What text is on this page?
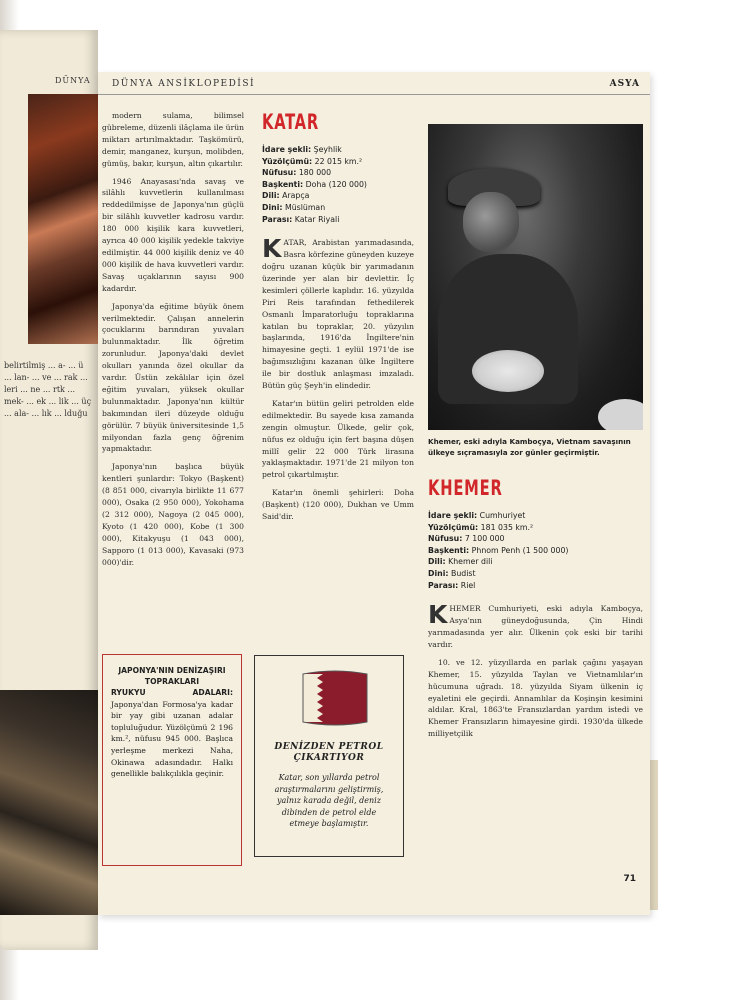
DÜNYA
belirtilmiş ... a- ... ü ... lan- ... ve ... rak ... leri ... ne ... rtk ... mek- ... ek ... lik ... üç ... ala- ... lık ... lduğu
DÜNYA ANSİKLOPEDİSİ	ASYA

modern sulama, bilimsel gübreleme, düzenli ilâçlama ile ürün miktarı artırılmaktadır. Taşkömürü, demir, manganez, kurşun, molibden, gümüş, bakır, kurşun, altın çıkartılır.

1946 Anayasası'nda savaş ve silâhlı kuvvetlerin kullanılması reddedilmişse de Japonya'nın güçlü bir silâhlı kuvvetler kadrosu vardır. 180 000 kişilik kara kuvvetleri, ayrıca 40 000 kişilik yedekle takviye edilmiştir. 44 000 kişilik deniz ve 40 000 kişilik de hava kuvvetleri vardır. Savaş uçaklarının sayısı 900 kadardır.

Japonya'da eğitime büyük önem verilmektedir. Çalışan annelerin çocuklarını barındıran yuvaları bulunmaktadır. İlk öğretim zorunludur. Japonya'daki devlet okulları yanında özel okullar da vardır. Üstün zekâlılar için özel eğitim yuvaları, yüksek okullar bulunmaktadır. Japonya'nın kültür bakımından ileri düzeyde olduğu görülür. 7 büyük üniversitesinde 1,5 milyondan fazla genç öğrenim yapmaktadır.

Japonya'nın başlıca büyük kentleri şunlardır: Tokyo (Başkent) (8 851 000, civarıyla birlikte 11 677 000), Osaka (2 950 000), Yokohama (2 312 000), Nagoya (2 045 000), Kyoto (1 420 000), Kobe (1 300 000), Kitakyuşu (1 043 000), Sapporo (1 013 000), Kavasaki (973 000)'dir.

KATAR
İdare şekli: Şeyhlik
Yüzölçümü: 22 015 km.²
Nüfusu: 180 000
Başkenti: Doha (120 000)
Dili: Arapça
Dini: Müslüman
Parası: Katar Riyali

KATAR, Arabistan yarımadasında, Basra körfezine güneyden kuzeye doğru uzanan küçük bir yarımadanın üzerinde yer alan bir devlettir. İç kesimleri çöllerle kaplıdır. 16. yüzyılda Piri Reis tarafından fethedilerek Osmanlı İmparatorluğu topraklarına katılan bu topraklar, 20. yüzyılın başlarında, 1916'da İngiltere'nin himayesine geçti. 1 eylül 1971'de ise bağımsızlığını kazanan ülke İngiltere ile bir dostluk anlaşması imzaladı. Bütün güç Şeyh'in elindedir.

Katar'ın bütün geliri petrolden elde edilmektedir. Bu sayede kısa zamanda zengin olmuştur. Ülkede, gelir çok, nüfus ez olduğu için fert başına düşen millî gelir 22 000 Türk lirasına yaklaşmaktadır. 1971'de 21 milyon ton petrol çıkartılmıştır.

Katar'ın önemli şehirleri: Doha (Başkent) (120 000), Dukhan ve Umm Said'dir.

Khemer, eski adıyla Kamboçya, Vietnam savaşının ülkeye sıçramasıyla zor günler geçirmiştir.
KHEMER
İdare şekli: Cumhuriyet
Yüzölçümü: 181 035 km.²
Nüfusu: 7 100 000
Başkenti: Phnom Penh (1 500 000)
Dili: Khemer dili
Dini: Budist
Parası: Riel

KHEMER Cumhuriyeti, eski adıyla Kamboçya, Asya'nın güneydoğusunda, Çin Hindi yarımadasında yer alır. Ülkenin çok eski bir tarihi vardır.

10. ve 12. yüzyıllarda en parlak çağını yaşayan Khemer, 15. yüzyılda Taylan ve Vietnamlılar'ın hücumuna uğradı. 18. yüzyılda Siyam ülkenin iç eyaletini ele geçirdi. Annamlılar da Koşinşin kesimini aldılar. Kral, 1863'te Fransızlardan yardım istedi ve Khemer Fransızların himayesine girdi. 1930'da ülkede milliyetçilik

JAPONYA'NIN DENİZAŞIRI TOPRAKLARI
RYUKYU ADALARI: Japonya'dan Formosa'ya kadar bir yay gibi uzanan adalar topluluğudur. Yüzölçümü 2 196 km.², nüfusu 945 000. Başlıca yerleşme merkezi Naha, Okinawa adasındadır. Halkı genellikle balıkçılıkla geçinir.
DENİZDEN PETROL ÇIKARTIYOR
Katar, son yıllarda petrol araştırmalarını geliştirmiş, yalnız karada değil, deniz dibinden de petrol elde etmeye başlamıştır.
71
